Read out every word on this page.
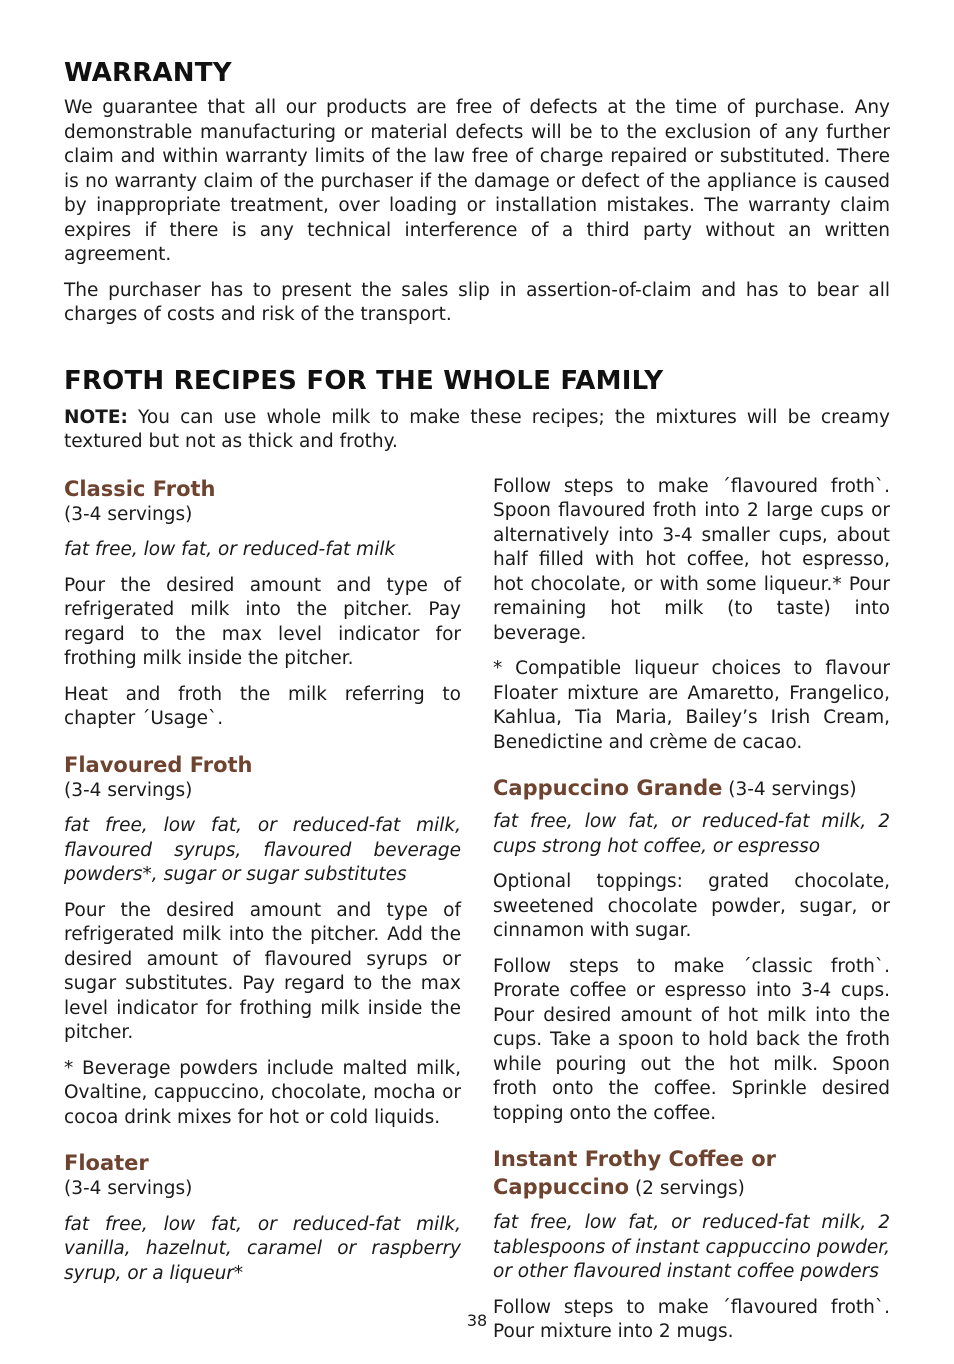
WARRANTY

We guarantee that all our products are free of defects at the time of purchase. Any demonstrable manufacturing or material defects will be to the exclusion of any further claim and within warranty limits of the law free of charge repaired or substituted. There is no warranty claim of the purchaser if the damage or defect of the appliance is caused by inappropriate treatment, over loading or installation mistakes. The warranty claim expires if there is any technical interference of a third party without an written agreement.

The purchaser has to present the sales slip in assertion-of-claim and has to bear all charges of costs and risk of the transport.

FROTH RECIPES FOR THE WHOLE FAMILY

NOTE: You can use whole milk to make these recipes; the mixtures will be creamy textured but not as thick and frothy.

Classic Froth

(3-4 servings)

fat free, low fat, or reduced-fat milk

Pour the desired amount and type of refrigerated milk into the pitcher. Pay regard to the max level indicator for frothing milk inside the pitcher.

Heat and froth the milk referring to chapter ´Usage`.

Flavoured Froth

(3-4 servings)

fat free, low fat, or reduced-fat milk, flavoured syrups, flavoured beverage powders*, sugar or sugar substitutes

Pour the desired amount and type of refrigerated milk into the pitcher. Add the desired amount of flavoured syrups or sugar substitutes. Pay regard to the max level indicator for frothing milk inside the pitcher.

* Beverage powders include malted milk, Ovaltine, cappuccino, chocolate, mocha or cocoa drink mixes for hot or cold liquids.

Floater

(3-4 servings)

fat free, low fat, or reduced-fat milk, vanilla, hazelnut, caramel or raspberry syrup, or a liqueur*

Follow steps to make ´flavoured froth`. Spoon flavoured froth into 2 large cups or alternatively into 3-4 smaller cups, about half filled with hot coffee, hot espresso, hot chocolate, or with some liqueur.* Pour remaining hot milk (to taste) into beverage.

* Compatible liqueur choices to flavour Floater mixture are Amaretto, Frangelico, Kahlua, Tia Maria, Bailey’s Irish Cream, Benedictine and crème de cacao.

Cappuccino Grande (3-4 servings)

fat free, low fat, or reduced-fat milk, 2 cups strong hot coffee, or espresso

Optional toppings: grated chocolate, sweetened chocolate powder, sugar, or cinnamon with sugar.

Follow steps to make ´classic froth`. Prorate coffee or espresso into 3-4 cups. Pour desired amount of hot milk into the cups. Take a spoon to hold back the froth while pouring out the hot milk. Spoon froth onto the coffee. Sprinkle desired topping onto the coffee.

Instant Frothy Coffee or
Cappuccino (2 servings)

fat free, low fat, or reduced-fat milk, 2 tablespoons of instant cappuccino powder, or other flavoured instant coffee powders

Follow steps to make ´flavoured froth`. Pour mixture into 2 mugs.

38
